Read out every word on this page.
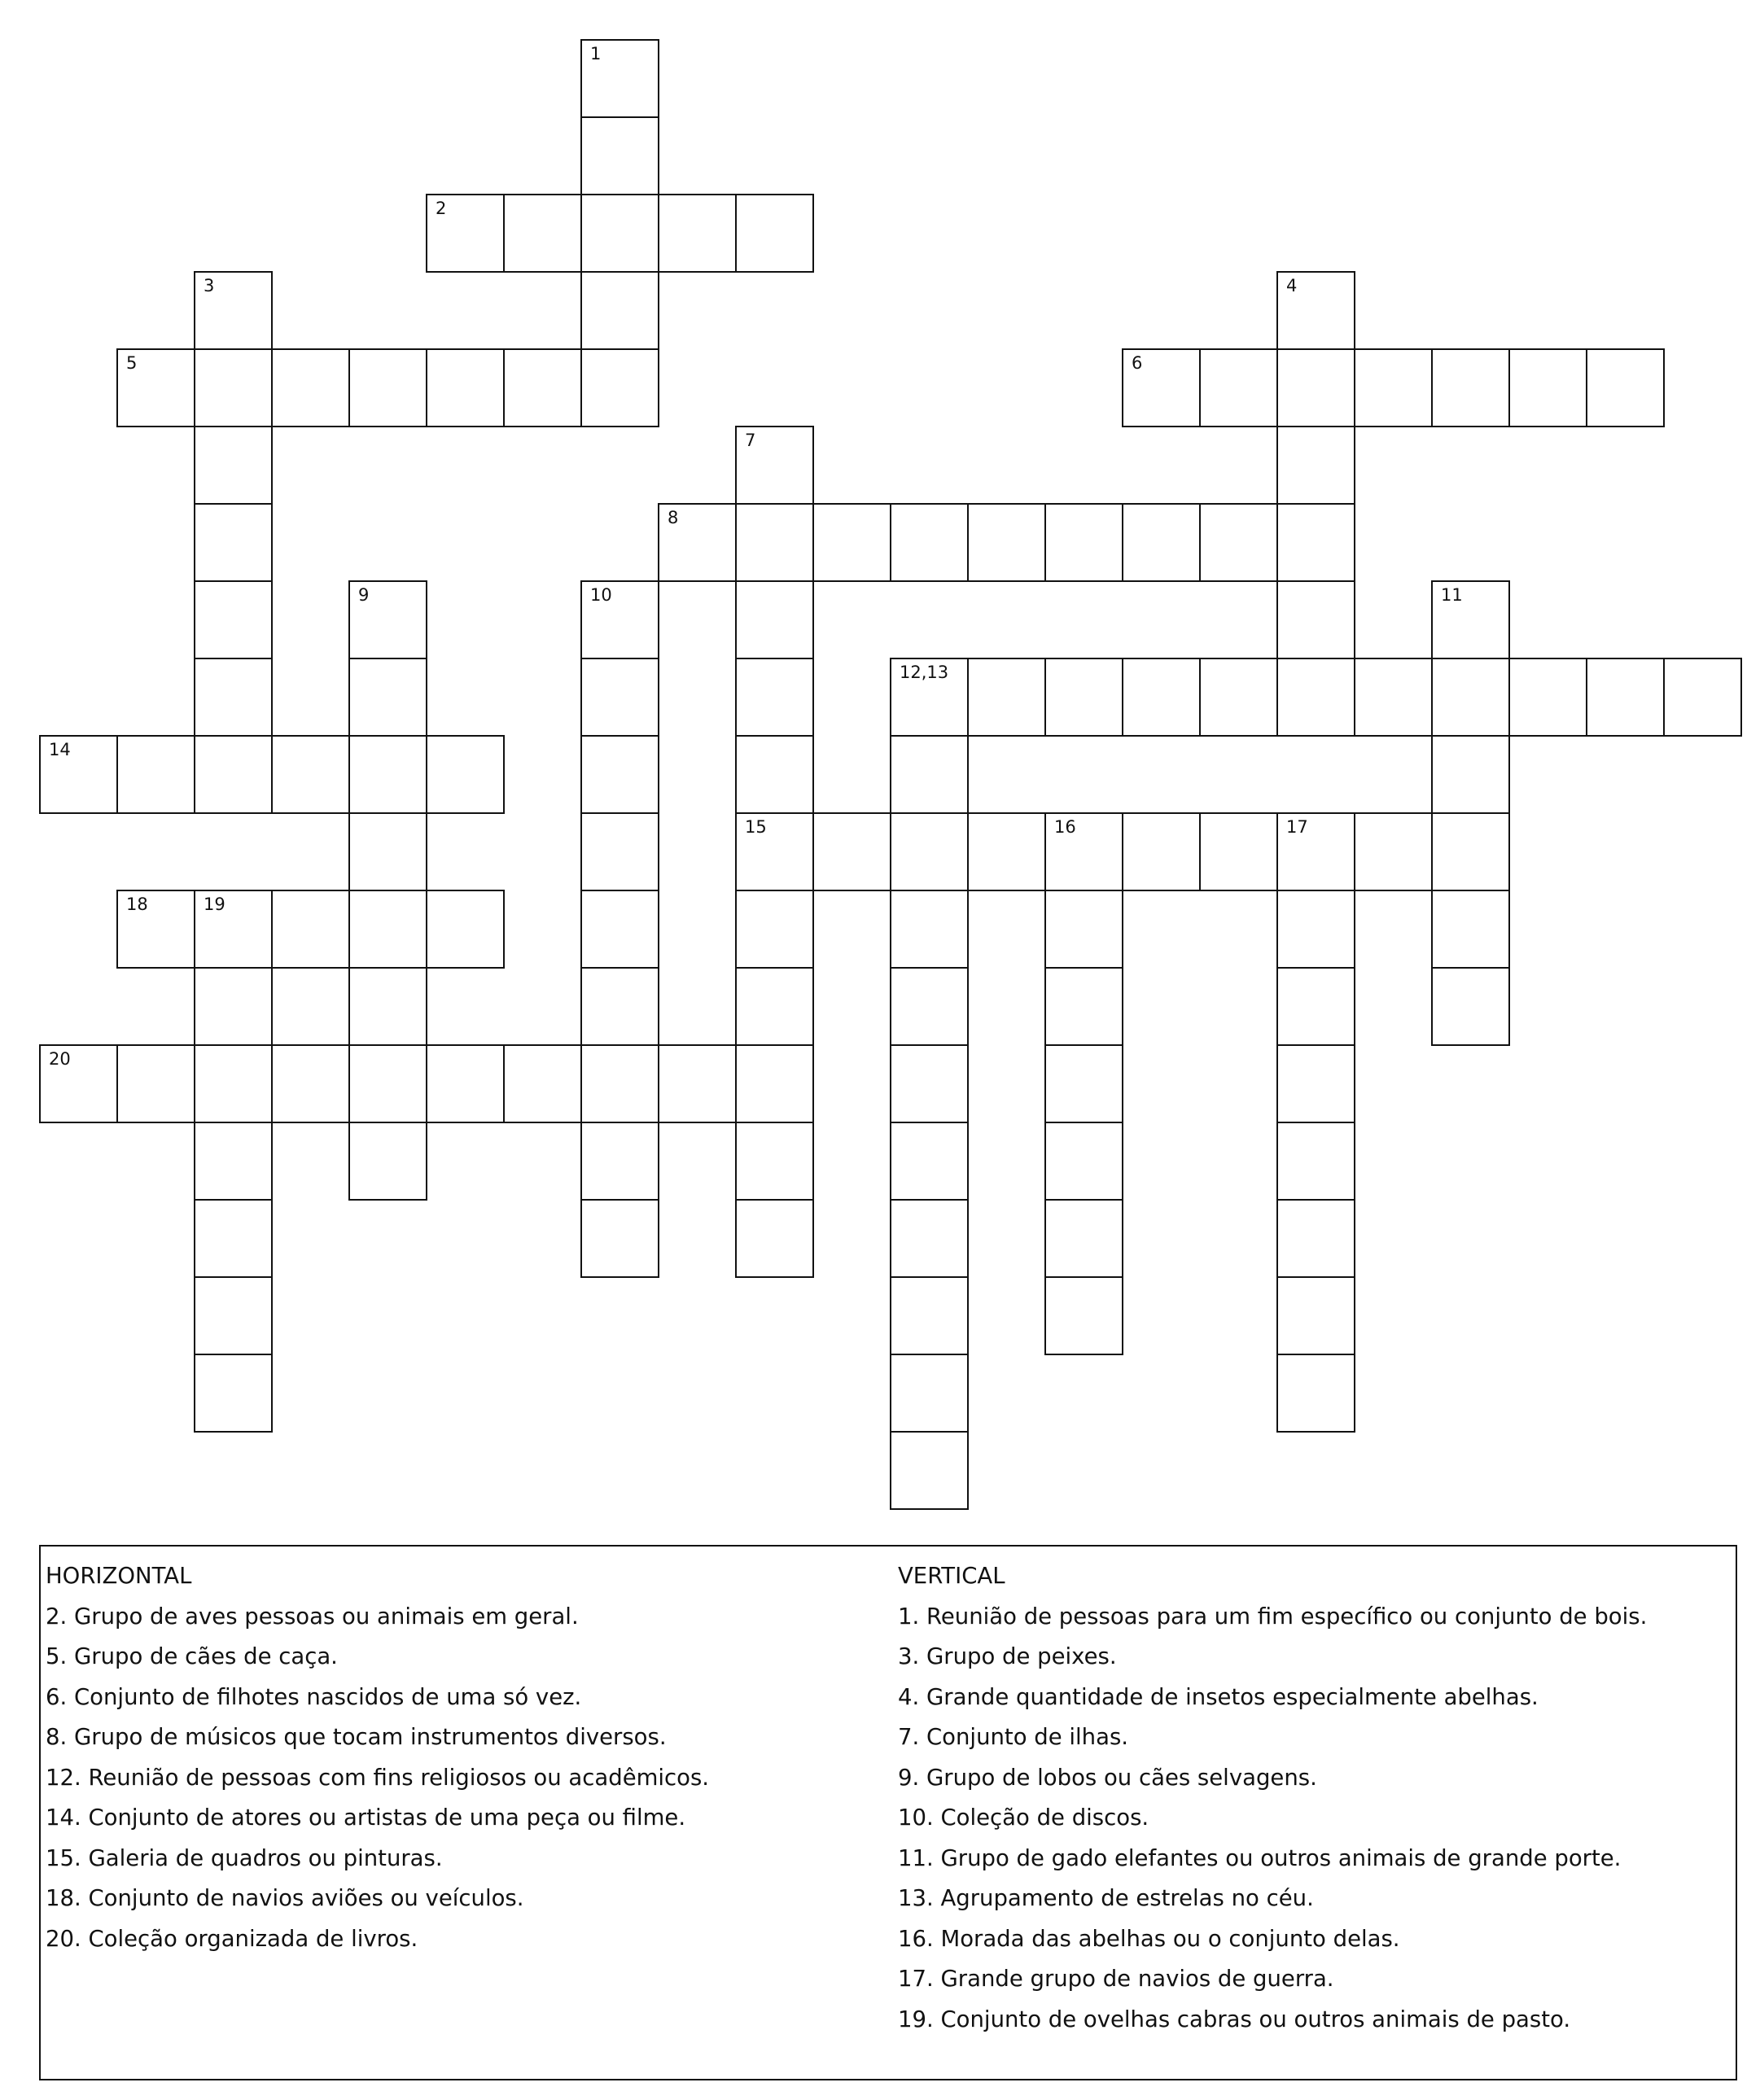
1
2
3	4
5	6
7
8
9	10	11
12,13
14
15	16	17
18	19
20
HORIZONTAL
2. Grupo de aves pessoas ou animais em geral.
5. Grupo de cães de caça.
6. Conjunto de filhotes nascidos de uma só vez.
8. Grupo de músicos que tocam instrumentos diversos.
12. Reunião de pessoas com fins religiosos ou acadêmicos.
14. Conjunto de atores ou artistas de uma peça ou filme.
15. Galeria de quadros ou pinturas.
18. Conjunto de navios aviões ou veículos.
20. Coleção organizada de livros.
VERTICAL
1. Reunião de pessoas para um fim específico ou conjunto de bois.
3. Grupo de peixes.
4. Grande quantidade de insetos especialmente abelhas.
7. Conjunto de ilhas.
9. Grupo de lobos ou cães selvagens.
10. Coleção de discos.
11. Grupo de gado elefantes ou outros animais de grande porte.
13. Agrupamento de estrelas no céu.
16. Morada das abelhas ou o conjunto delas.
17. Grande grupo de navios de guerra.
19. Conjunto de ovelhas cabras ou outros animais de pasto.
